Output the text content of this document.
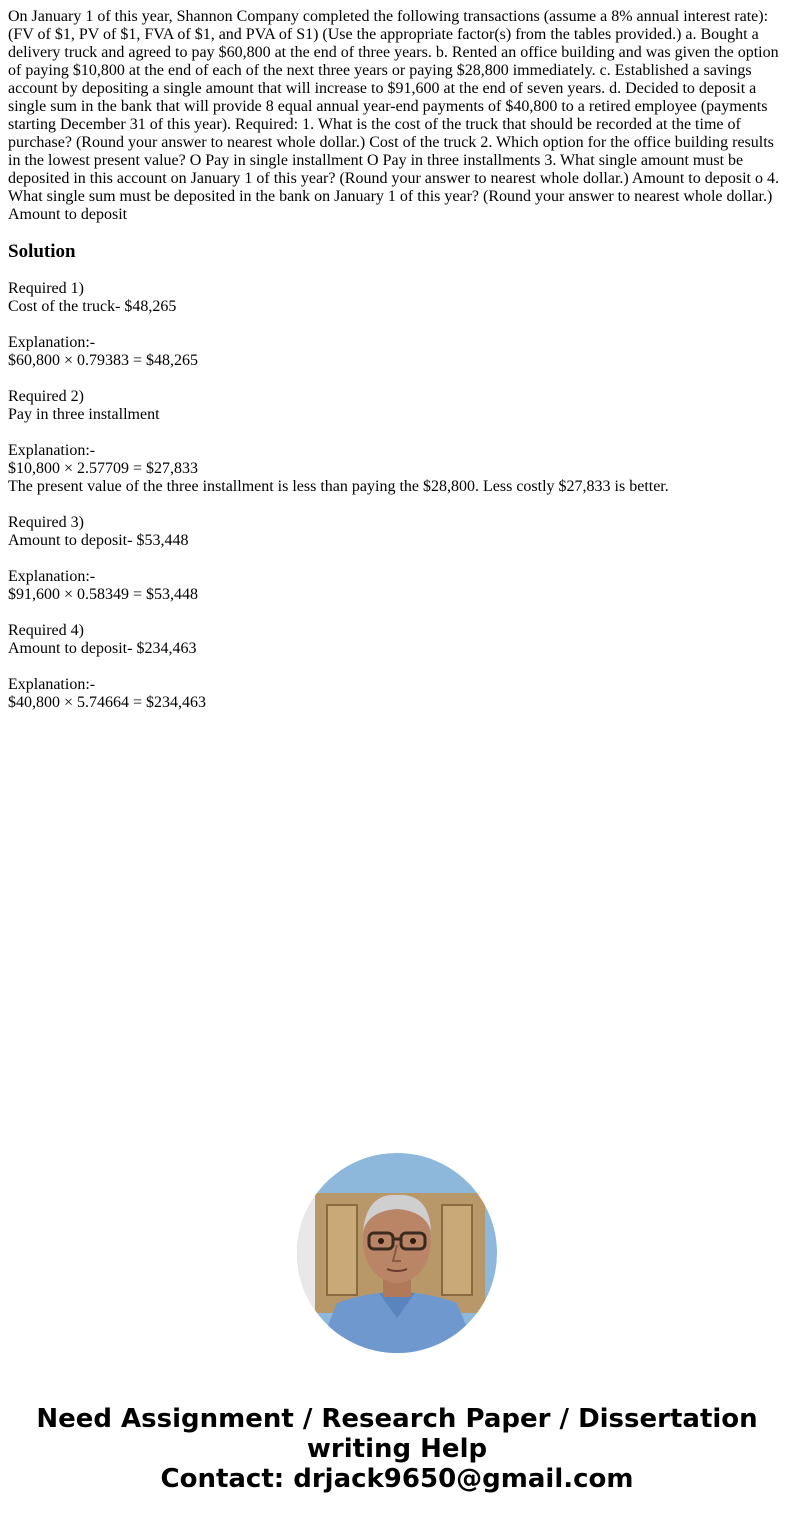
On January 1 of this year, Shannon Company completed the following transactions (assume a 8% annual interest rate): (FV of $1, PV of $1, FVA of $1, and PVA of S1) (Use the appropriate factor(s) from the tables provided.) a. Bought a delivery truck and agreed to pay $60,800 at the end of three years. b. Rented an office building and was given the option of paying $10,800 at the end of each of the next three years or paying $28,800 immediately. c. Established a savings account by depositing a single amount that will increase to $91,600 at the end of seven years. d. Decided to deposit a single sum in the bank that will provide 8 equal annual year-end payments of $40,800 to a retired employee (payments starting December 31 of this year). Required: 1. What is the cost of the truck that should be recorded at the time of purchase? (Round your answer to nearest whole dollar.) Cost of the truck 2. Which option for the office building results in the lowest present value? O Pay in single installment O Pay in three installments 3. What single amount must be deposited in this account on January 1 of this year? (Round your answer to nearest whole dollar.) Amount to deposit o 4. What single sum must be deposited in the bank on January 1 of this year? (Round your answer to nearest whole dollar.) Amount to deposit

Solution
Required 1)
Cost of the truck- $48,265
Explanation:-
$60,800 × 0.79383 = $48,265
Required 2)
Pay in three installment
Explanation:-
$10,800 × 2.57709 = $27,833
The present value of the three installment is less than paying the $28,800. Less costly $27,833 is better.
Required 3)
Amount to deposit- $53,448
Explanation:-
$91,600 × 0.58349 = $53,448
Required 4)
Amount to deposit- $234,463
Explanation:-
$40,800 × 5.74664 = $234,463
Need Assignment / Research Paper / Dissertation
writing Help
Contact: drjack9650@gmail.com
